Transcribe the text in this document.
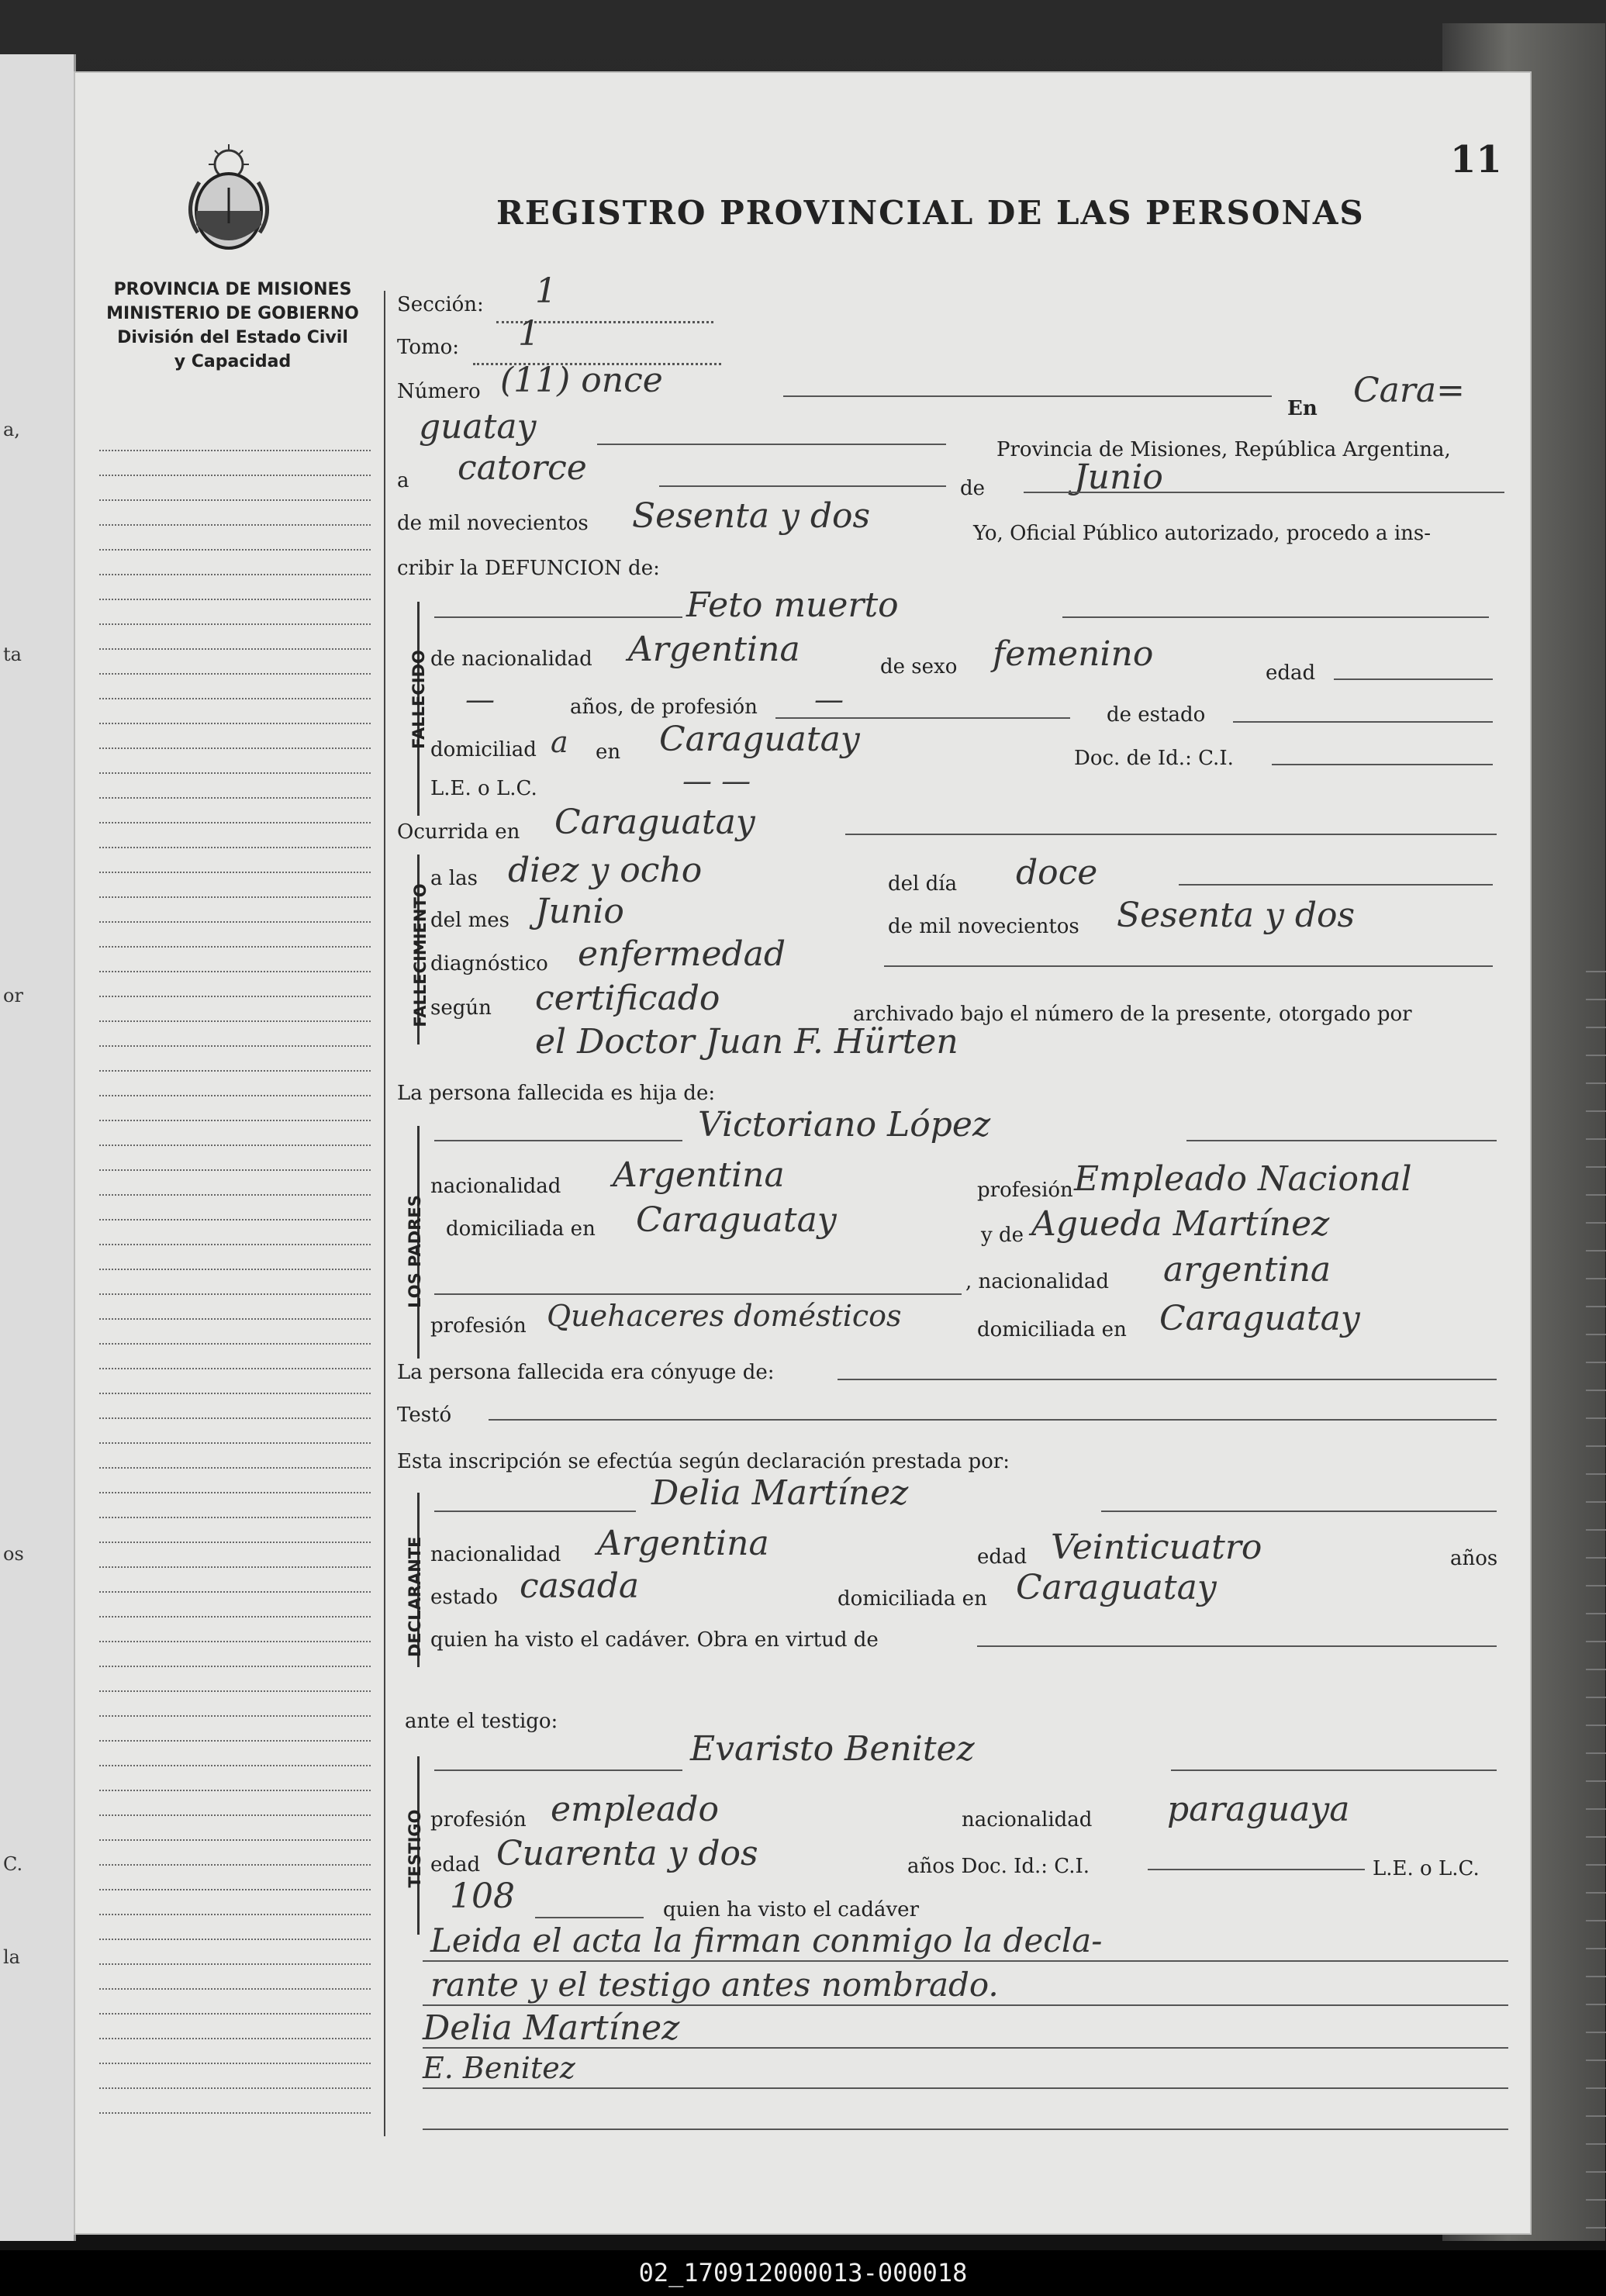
a,
ta
or
os
C.
la
11
REGISTRO PROVINCIAL DE LAS PERSONAS
PROVINCIA DE MISIONES
MINISTERIO DE GOBIERNO
División del Estado Civil
y Capacidad
Sección: 1
Tomo: 1
Número (11) once
En Cara=
guatay
Provincia de Misiones, República Argentina,
a catorce
de	Junio
de mil novecientos Sesenta y dos	Yo, Oficial Público autorizado, procedo a ins-
cribir la DEFUNCION de:
FALLECIDO
Feto muerto
de nacionalidad Argentina	de sexo femenino	edad
—	años, de profesión —	de estado
domiciliad a en Caraguatay	Doc. de Id.: C.I.
L.E. o L.C.	— —
Ocurrida en Caraguatay
FALLECIMIENTO
a las diez y ocho	del día doce
del mes Junio	de mil novecientos Sesenta y dos
diagnóstico enfermedad
según certificado	archivado bajo el número de la presente, otorgado por
el Doctor Juan F. Hürten
La persona fallecida es hija de:
LOS PADRES
Victoriano López
nacionalidad Argentina	profesión Empleado Nacional
domiciliada en Caraguatay	y de Agueda Martínez
, nacionalidad argentina
profesión Quehaceres domésticos	domiciliada en Caraguatay
La persona fallecida era cónyuge de:
Testó
Esta inscripción se efectúa según declaración prestada por:
DECLARANTE
Delia Martínez
nacionalidad Argentina	edad Veinticuatro	años
estado casada	domiciliada en Caraguatay
quien ha visto el cadáver. Obra en virtud de
ante el testigo:
TESTIGO
Evaristo Benitez
profesión empleado	nacionalidad paraguaya
edad Cuarenta y dos	años Doc. Id.: C.I.	L.E. o L.C.
108	quien ha visto el cadáver
Leida el acta la firman conmigo la decla-
rante y el testigo antes nombrado.
Delia Martínez
E. Benitez
02_170912000013-000018
